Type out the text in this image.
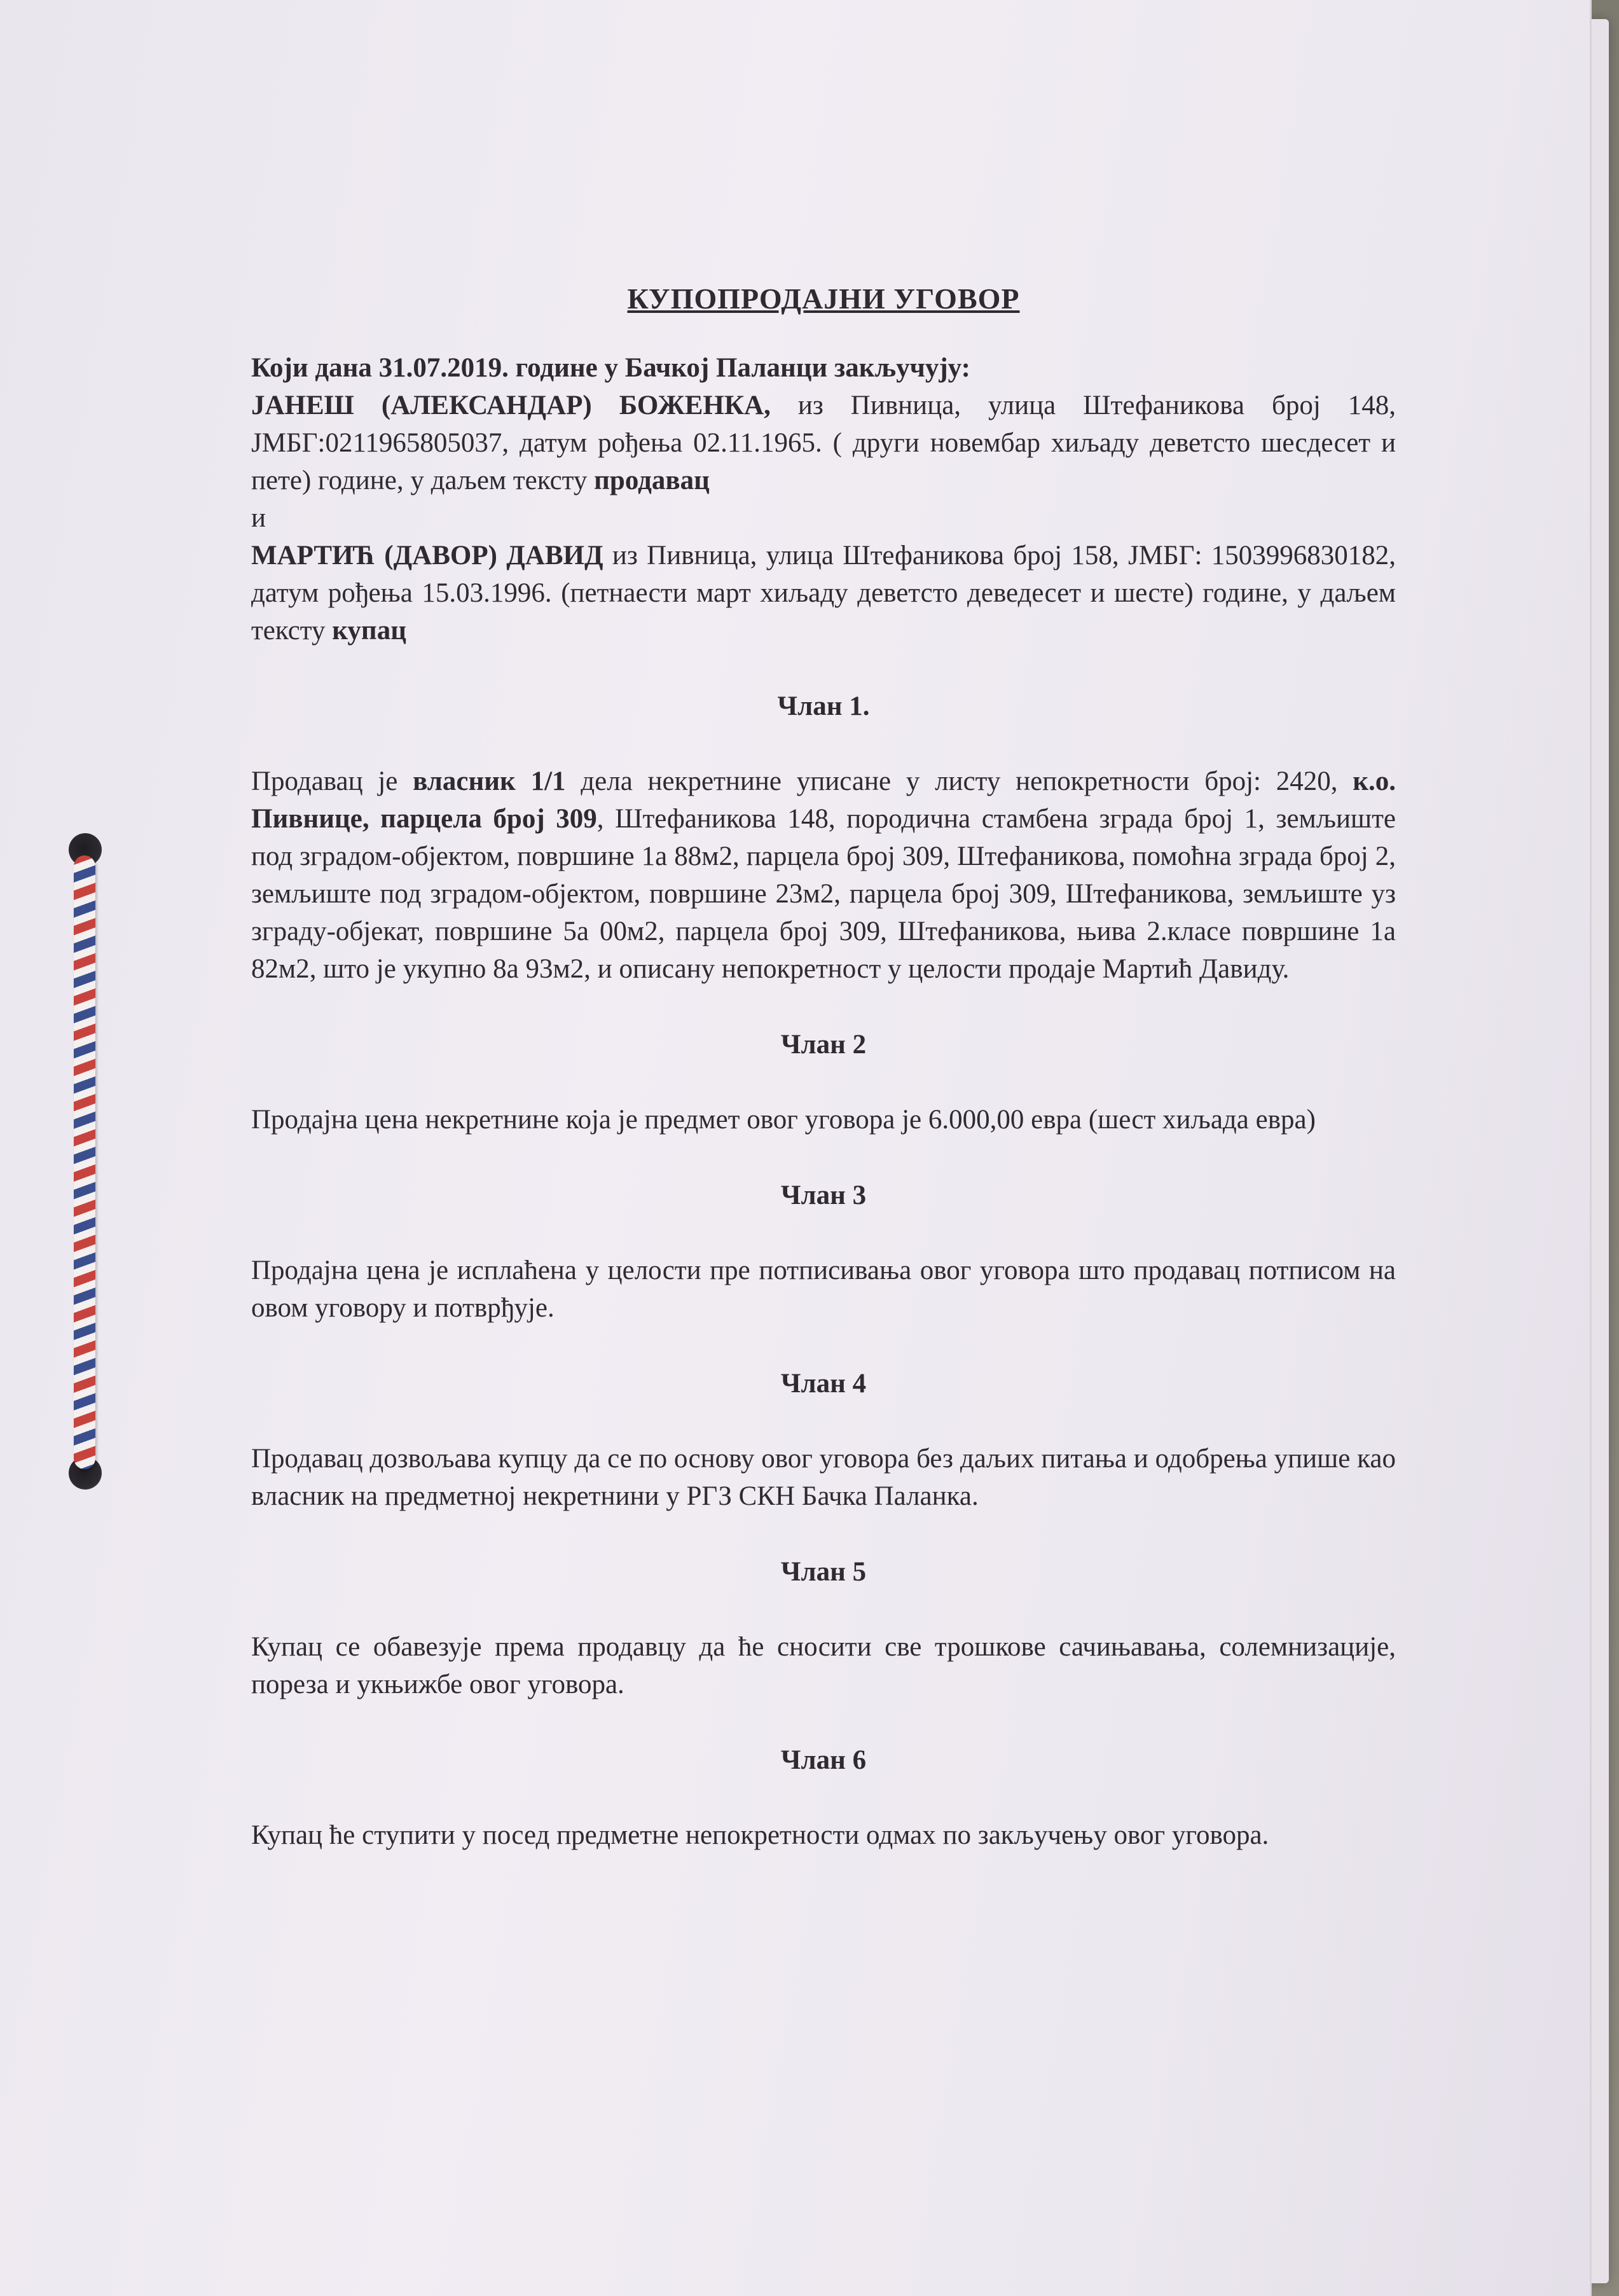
КУПОПРОДАЈНИ УГОВОР

Који дана 31.07.2019. године у Бачкој Паланци закључују:

ЈАНЕШ (АЛЕКСАНДАР) БОЖЕНКА, из Пивница, улица Штефаникова број 148, ЈМБГ:0211965805037, датум рођења 02.11.1965. ( други новембар хиљаду деветсто шесдесет и пете) године, у даљем тексту продавац

и

МАРТИЋ (ДАВОР) ДАВИД из Пивница, улица Штефаникова број 158, ЈМБГ: 1503996830182, датум рођења 15.03.1996. (петнаести март хиљаду деветсто деведесет и шесте) године, у даљем тексту купац

Члан 1.

Продавац је власник 1/1 дела некретнине уписане у листу непокретности број: 2420, к.о. Пивнице, парцела број 309, Штефаникова 148, породична стамбена зграда број 1, земљиште под зградом-објектом, површине 1а 88м2, парцела број 309, Штефаникова, помоћна зграда број 2, земљиште под зградом-објектом, површине 23м2, парцела број 309, Штефаникова, земљиште уз зграду-објекат, површине 5а 00м2, парцела број 309, Штефаникова, њива 2.класе површине 1а 82м2, што је укупно 8а 93м2, и описану непокретност у целости продаје Мартић Давиду.

Члан 2

Продајна цена некретнине која је предмет овог уговора је 6.000,00 евра (шест хиљада евра)

Члан 3

Продајна цена је исплаћена у целости пре потписивања овог уговора што продавац потписом на овом уговору и потврђује.

Члан 4

Продавац дозвољава купцу да се по основу овог уговора без даљих питања и одобрења упише као власник на предметној некретнини у РГЗ СКН Бачка Паланка.

Члан 5

Купац се обавезује према продавцу да ће сносити све трошкове сачињавања, солемнизације, пореза и укњижбе овог уговора.

Члан 6

Купац ће ступити у посед предметне непокретности одмах по закључењу овог уговора.
